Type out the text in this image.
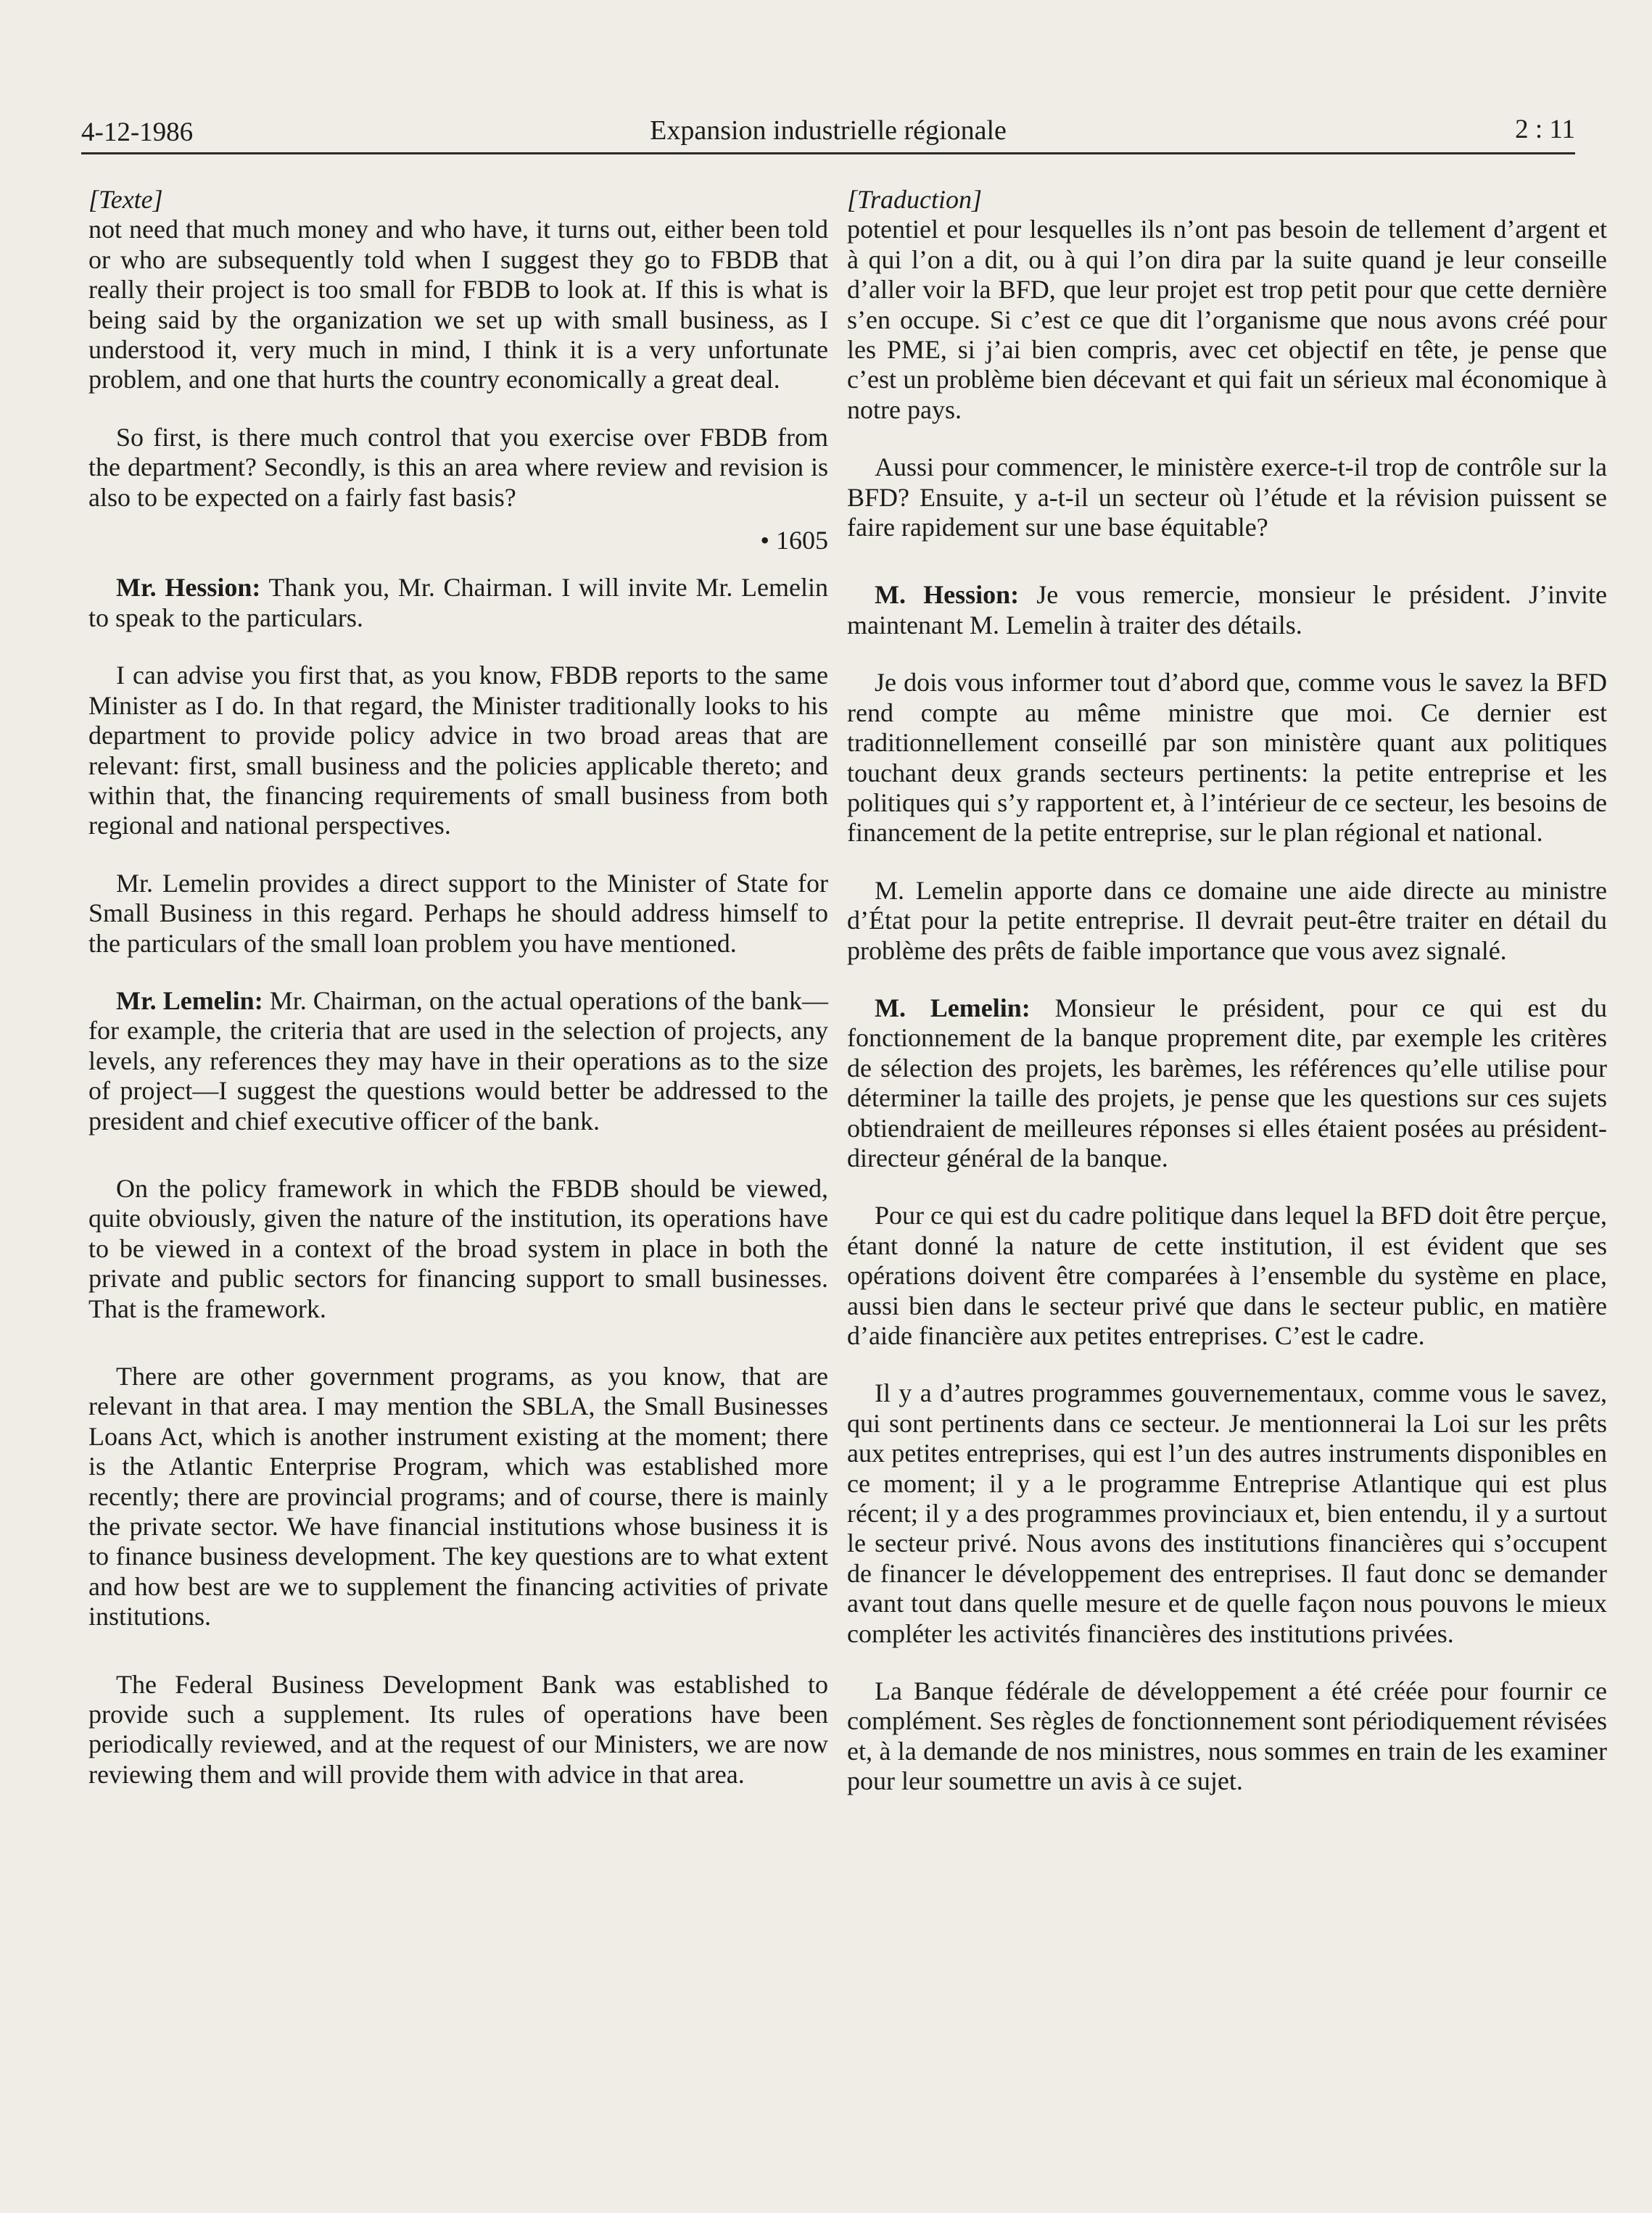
4-12-1986	Expansion industrielle régionale	2 : 11
[Texte]

not need that much money and who have, it turns out, either been told or who are subsequently told when I suggest they go to FBDB that really their project is too small for FBDB to look at. If this is what is being said by the organization we set up with small business, as I understood it, very much in mind, I think it is a very unfortunate problem, and one that hurts the country economically a great deal.

So first, is there much control that you exercise over FBDB from the department? Secondly, is this an area where review and revision is also to be expected on a fairly fast basis?

• 1605

Mr. Hession: Thank you, Mr. Chairman. I will invite Mr. Lemelin to speak to the particulars.

I can advise you first that, as you know, FBDB reports to the same Minister as I do. In that regard, the Minister traditionally looks to his department to provide policy advice in two broad areas that are relevant: first, small business and the policies applicable thereto; and within that, the financing requirements of small business from both regional and national perspectives.

Mr. Lemelin provides a direct support to the Minister of State for Small Business in this regard. Perhaps he should address himself to the particulars of the small loan problem you have mentioned.

Mr. Lemelin: Mr. Chairman, on the actual operations of the bank—for example, the criteria that are used in the selection of projects, any levels, any references they may have in their operations as to the size of project—I suggest the questions would better be addressed to the president and chief executive officer of the bank.

On the policy framework in which the FBDB should be viewed, quite obviously, given the nature of the institution, its operations have to be viewed in a context of the broad system in place in both the private and public sectors for financing support to small businesses. That is the framework.

There are other government programs, as you know, that are relevant in that area. I may mention the SBLA, the Small Businesses Loans Act, which is another instrument existing at the moment; there is the Atlantic Enterprise Program, which was established more recently; there are provincial programs; and of course, there is mainly the private sector. We have financial institutions whose business it is to finance business development. The key questions are to what extent and how best are we to supplement the financing activities of private institutions.

The Federal Business Development Bank was established to provide such a supplement. Its rules of operations have been periodically reviewed, and at the request of our Ministers, we are now reviewing them and will provide them with advice in that area.

[Traduction]

potentiel et pour lesquelles ils n’ont pas besoin de tellement d’argent et à qui l’on a dit, ou à qui l’on dira par la suite quand je leur conseille d’aller voir la BFD, que leur projet est trop petit pour que cette dernière s’en occupe. Si c’est ce que dit l’organisme que nous avons créé pour les PME, si j’ai bien compris, avec cet objectif en tête, je pense que c’est un problème bien décevant et qui fait un sérieux mal économique à notre pays.

Aussi pour commencer, le ministère exerce-t-il trop de contrôle sur la BFD? Ensuite, y a-t-il un secteur où l’étude et la révision puissent se faire rapidement sur une base équitable?

M. Hession: Je vous remercie, monsieur le président. J’invite maintenant M. Lemelin à traiter des détails.

Je dois vous informer tout d’abord que, comme vous le savez la BFD rend compte au même ministre que moi. Ce dernier est traditionnellement conseillé par son ministère quant aux politiques touchant deux grands secteurs pertinents: la petite entreprise et les politiques qui s’y rapportent et, à l’intérieur de ce secteur, les besoins de financement de la petite entreprise, sur le plan régional et national.

M. Lemelin apporte dans ce domaine une aide directe au ministre d’État pour la petite entreprise. Il devrait peut-être traiter en détail du problème des prêts de faible importance que vous avez signalé.

M. Lemelin: Monsieur le président, pour ce qui est du fonctionnement de la banque proprement dite, par exemple les critères de sélection des projets, les barèmes, les références qu’elle utilise pour déterminer la taille des projets, je pense que les questions sur ces sujets obtiendraient de meilleures réponses si elles étaient posées au président-directeur général de la banque.

Pour ce qui est du cadre politique dans lequel la BFD doit être perçue, étant donné la nature de cette institution, il est évident que ses opérations doivent être comparées à l’ensemble du système en place, aussi bien dans le secteur privé que dans le secteur public, en matière d’aide financière aux petites entreprises. C’est le cadre.

Il y a d’autres programmes gouvernementaux, comme vous le savez, qui sont pertinents dans ce secteur. Je mentionnerai la Loi sur les prêts aux petites entreprises, qui est l’un des autres instruments disponibles en ce moment; il y a le programme Entreprise Atlantique qui est plus récent; il y a des programmes provinciaux et, bien entendu, il y a surtout le secteur privé. Nous avons des institutions financières qui s’occupent de financer le développement des entreprises. Il faut donc se demander avant tout dans quelle mesure et de quelle façon nous pouvons le mieux compléter les activités financières des institutions privées.

La Banque fédérale de développement a été créée pour fournir ce complément. Ses règles de fonctionnement sont périodiquement révisées et, à la demande de nos ministres, nous sommes en train de les examiner pour leur soumettre un avis à ce sujet.
